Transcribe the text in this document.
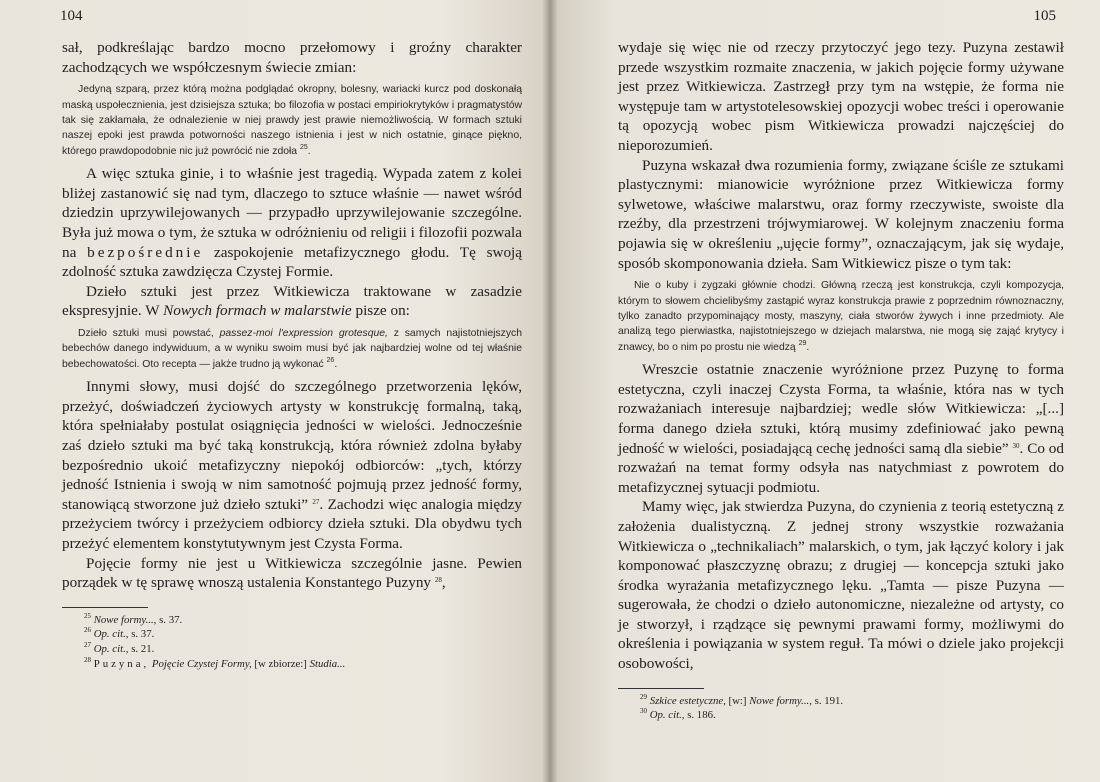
104

sał, podkreślając bardzo mocno przełomowy i groźny charakter zachodzących we współczesnym świecie zmian:

Jedyną szparą, przez którą można podglądać okropny, bolesny, wariacki kurcz pod doskonałą maską uspołecznienia, jest dzisiejsza sztuka; bo filozofia w postaci empiriokrytyków i pragmatystów tak się zakłamała, że odnalezienie w niej prawdy jest prawie niemożliwością. W formach sztuki naszej epoki jest prawda potworności naszego istnienia i jest w nich ostatnie, ginące piękno, którego prawdopodobnie nic już powrócić nie zdoła $^{25}$.

A więc sztuka ginie, i to właśnie jest tragedią. Wypada zatem z kolei bliżej zastanowić się nad tym, dlaczego to sztuce właśnie — nawet wśród dziedzin uprzywilejowanych — przypadło uprzywilejowanie szczególne. Była już mowa o tym, że sztuka w odróżnieniu od religii i filozofii pozwala na bezpośrednie zaspokojenie metafizycznego głodu. Tę swoją zdolność sztuka zawdzięcza Czystej Formie.

Dzieło sztuki jest przez Witkiewicza traktowane w zasadzie ekspresyjnie. W Nowych formach w malarstwie pisze on:

Dzieło sztuki musi powstać, passez-moi l'expression grotesque, z samych najistotniejszych bebechów danego indywiduum, a w wyniku swoim musi być jak najbardziej wolne od tej właśnie bebechowatości. Oto recepta — jakże trudno ją wykonać $^{26}$.

Innymi słowy, musi dojść do szczególnego przetworzenia lęków, przeżyć, doświadczeń życiowych artysty w konstrukcję formalną, taką, która spełniałaby postulat osiągnięcia jedności w wielości. Jednocześnie zaś dzieło sztuki ma być taką konstrukcją, która również zdolna byłaby bezpośrednio ukoić metafizyczny niepokój odbiorców: „tych, którzy jedność Istnienia i swoją w nim samotność pojmują przez jedność formy, stanowiącą stworzone już dzieło sztuki” $^{27}$. Zachodzi więc analogia między przeżyciem twórcy i przeżyciem odbiorcy dzieła sztuki. Dla obydwu tych przeżyć elementem konstytutywnym jest Czysta Forma.

Pojęcie formy nie jest u Witkiewicza szczególnie jasne. Pewien porządek w tę sprawę wnoszą ustalenia Konstantego Puzyny $^{28}$,

$^{25}$ Nowe formy..., s. 37.
$^{26}$ Op. cit., s. 37.
$^{27}$ Op. cit., s. 21.
$^{28}$ Puzyna, Pojęcie Czystej Formy, [w zbiorze:] Studia...
105

wydaje się więc nie od rzeczy przytoczyć jego tezy. Puzyna zestawił przede wszystkim rozmaite znaczenia, w jakich pojęcie formy używane jest przez Witkiewicza. Zastrzegł przy tym na wstępie, że forma nie występuje tam w artystotelesowskiej opozycji wobec treści i operowanie tą opozycją wobec pism Witkiewicza prowadzi najczęściej do nieporozumień.

Puzyna wskazał dwa rozumienia formy, związane ściśle ze sztukami plastycznymi: mianowicie wyróżnione przez Witkiewicza formy sylwetowe, właściwe malarstwu, oraz formy rzeczywiste, swoiste dla rzeźby, dla przestrzeni trójwymiarowej. W kolejnym znaczeniu forma pojawia się w określeniu „ujęcie formy”, oznaczającym, jak się wydaje, sposób skomponowania dzieła. Sam Witkiewicz pisze o tym tak:

Nie o kuby i zygzaki głównie chodzi. Główną rzeczą jest konstrukcja, czyli kompozycja, którym to słowem chcielibyśmy zastąpić wyraz konstrukcja prawie z poprzednim równoznaczny, tylko zanadto przypominający mosty, maszyny, ciała stworów żywych i inne przedmioty. Ale analizą tego pierwiastka, najistotniejszego w dziejach malarstwa, nie mogą się zająć krytycy i znawcy, bo o nim po prostu nie wiedzą $^{29}$.

Wreszcie ostatnie znaczenie wyróżnione przez Puzynę to forma estetyczna, czyli inaczej Czysta Forma, ta właśnie, która nas w tych rozważaniach interesuje najbardziej; wedle słów Witkiewicza: „[...] forma danego dzieła sztuki, którą musimy zdefiniować jako pewną jedność w wielości, posiadającą cechę jedności samą dla siebie” $^{30}$. Co od rozważań na temat formy odsyła nas natychmiast z powrotem do metafizycznej sytuacji podmiotu.

Mamy więc, jak stwierdza Puzyna, do czynienia z teorią estetyczną z założenia dualistyczną. Z jednej strony wszystkie rozważania Witkiewicza o „technikaliach” malarskich, o tym, jak łączyć kolory i jak komponować płaszczyznę obrazu; z drugiej — koncepcja sztuki jako środka wyrażania metafizycznego lęku. „Tamta — pisze Puzyna — sugerowała, że chodzi o dzieło autonomiczne, niezależne od artysty, co je stworzył, i rządzące się pewnymi prawami formy, możliwymi do określenia i powiązania w system reguł. Ta mówi o dziele jako projekcji osobowości,

$^{29}$ Szkice estetyczne, [w:] Nowe formy..., s. 191.
$^{30}$ Op. cit., s. 186.
